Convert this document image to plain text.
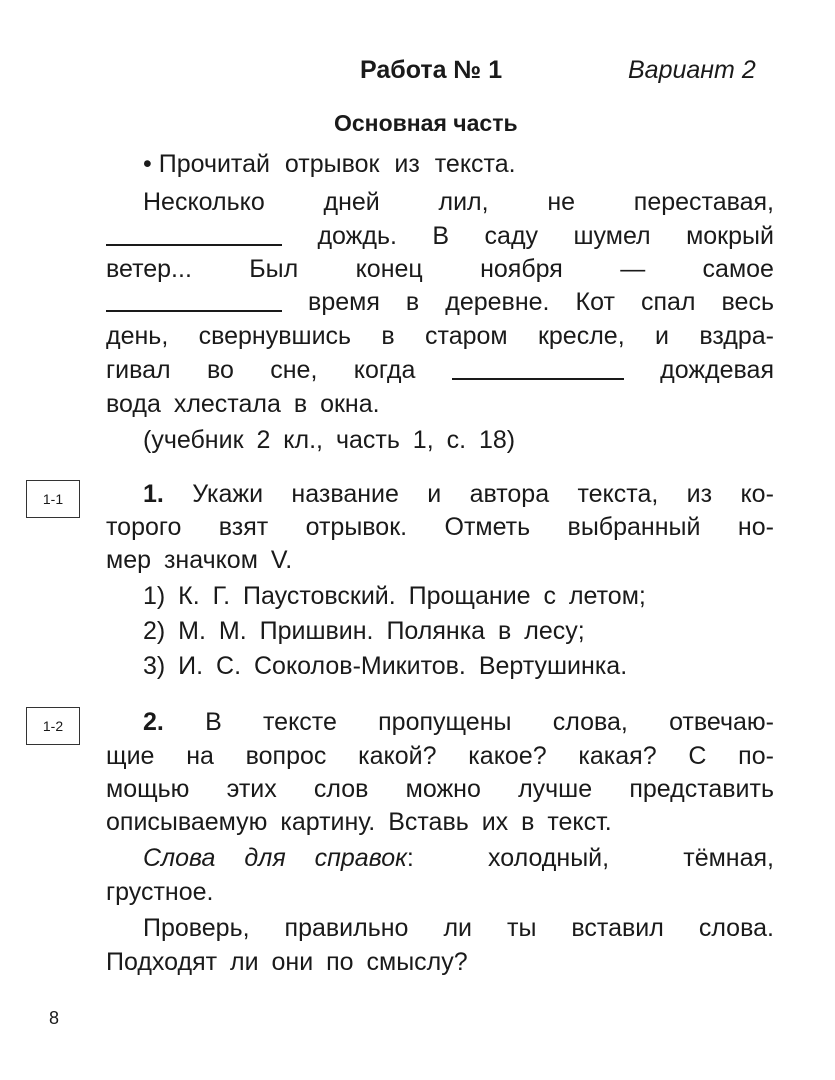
Работа № 1	Вариант 2
Основная часть
• Прочитай отрывок из текста.
Несколько дней лил, не переставая,
дождь. В саду шумел мокрый
ветер... Был конец ноября — самое
время в деревне. Кот спал весь
день, свернувшись в старом кресле, и вздра-
гивал во сне, когда	дождевая
вода хлестала в окна.
(учебник 2 кл., часть 1, с. 18)
1-1	1. Укажи название и автора текста, из ко-
торого взят отрывок. Отметь выбранный но-
мер значком V.
1) К. Г. Паустовский. Прощание с летом;
2) М. М. Пришвин. Полянка в лесу;
3) И. С. Соколов-Микитов. Вертушинка.
1-2	2. В тексте пропущены слова, отвечаю-
щие на вопрос какой? какое? какая? С по-
мощью этих слов можно лучше представить
описываемую картину. Вставь их в текст.
Слова для справок:	холодный,	тёмная,
грустное.
Проверь, правильно ли ты вставил слова.
Подходят ли они по смыслу?
8
